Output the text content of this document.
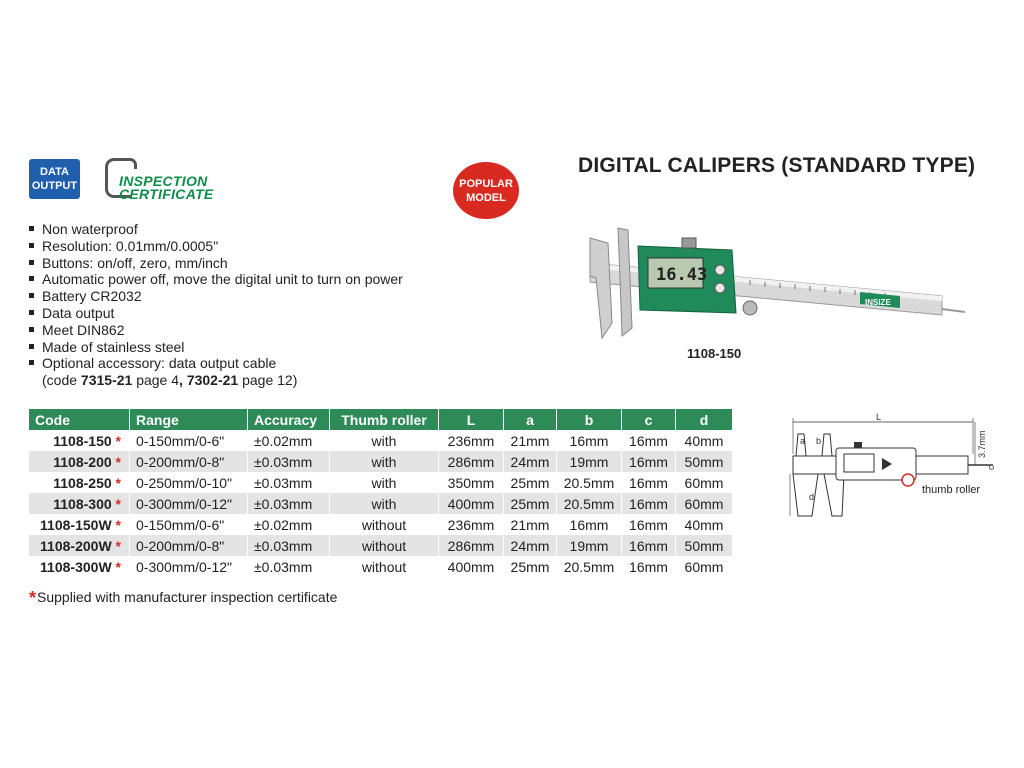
DATA
OUTPUT	INSPECTION
CERTIFICATE
POPULAR
MODEL
DIGITAL CALIPERS (STANDARD TYPE)
Non waterproof
Resolution: 0.01mm/0.0005"
Buttons: on/off, zero, mm/inch
Automatic power off, move the digital unit to turn on power
Battery CR2032
Data output
Meet DIN862
Made of stainless steel
Optional accessory: data output cable
(code 7315-21 page 4, 7302-21 page 12)
16.43
INSIZE
1108-150
Code	Range	Accuracy	Thumb roller	L	a	b	c	d
1108-150 *	0-150mm/0-6"	±0.02mm	with	236mm	21mm	16mm	16mm	40mm
1108-200 *	0-200mm/0-8"	±0.03mm	with	286mm	24mm	19mm	16mm	50mm
1108-250 *	0-250mm/0-10"	±0.03mm	with	350mm	25mm	20.5mm	16mm	60mm
1108-300 *	0-300mm/0-12"	±0.03mm	with	400mm	25mm	20.5mm	16mm	60mm
1108-150W *	0-150mm/0-6"	±0.02mm	without	236mm	21mm	16mm	16mm	40mm
1108-200W *	0-200mm/0-8"	±0.03mm	without	286mm	24mm	19mm	16mm	50mm
1108-300W *	0-300mm/0-12"	±0.03mm	without	400mm	25mm	20.5mm	16mm	60mm
*Supplied with manufacturer inspection certificate
L
a b
d
3.7mm
c
thumb roller
